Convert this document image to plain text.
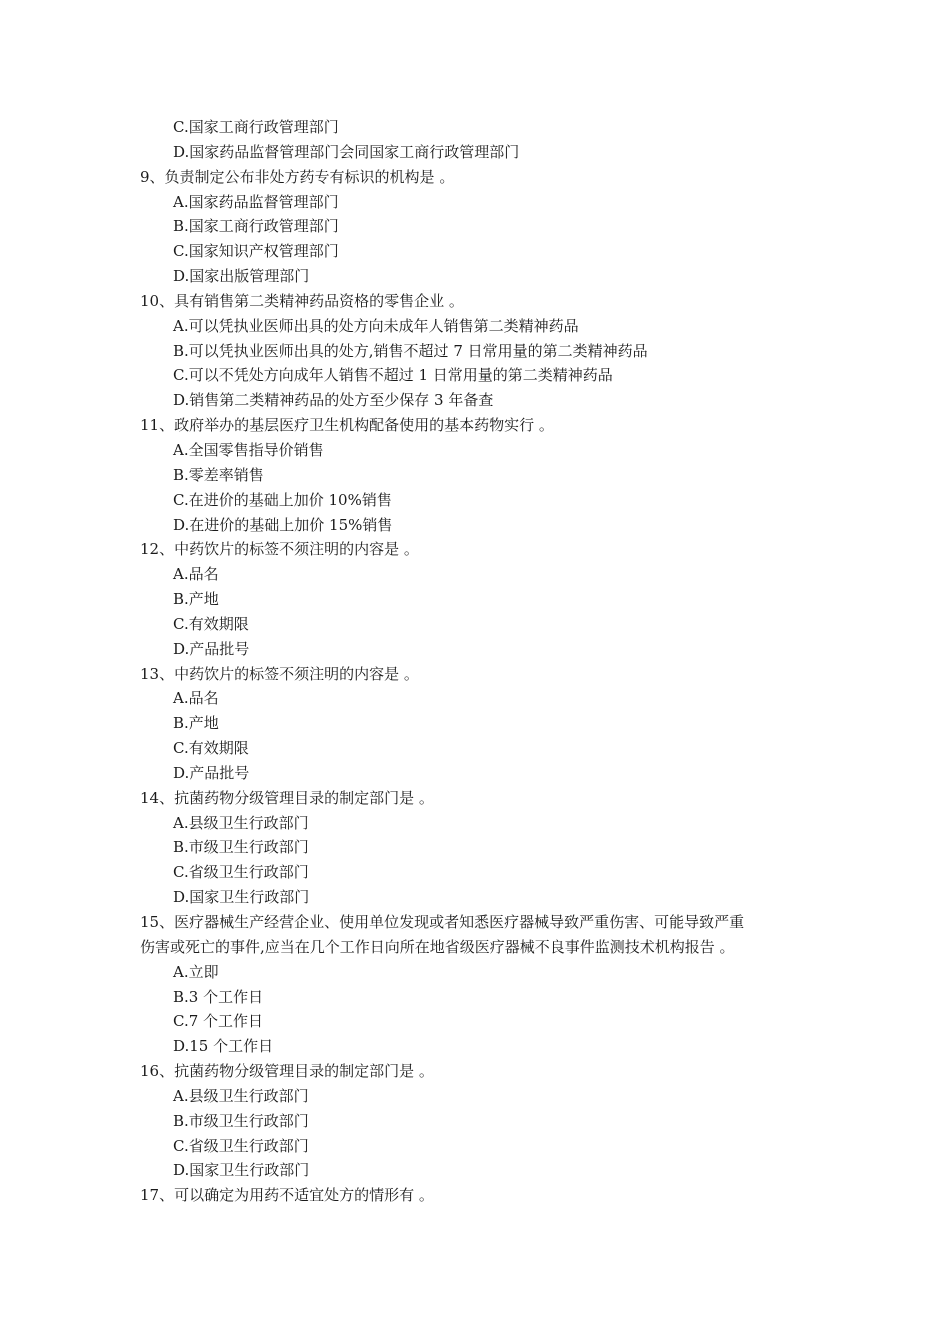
C.国家工商行政管理部门
D.国家药品监督管理部门会同国家工商行政管理部门
9、负责制定公布非处方药专有标识的机构是 。
A.国家药品监督管理部门
B.国家工商行政管理部门
C.国家知识产权管理部门
D.国家出版管理部门
10、具有销售第二类精神药品资格的零售企业 。
A.可以凭执业医师出具的处方向未成年人销售第二类精神药品
B.可以凭执业医师出具的处方,销售不超过 7 日常用量的第二类精神药品
C.可以不凭处方向成年人销售不超过 1 日常用量的第二类精神药品
D.销售第二类精神药品的处方至少保存 3 年备查
11、政府举办的基层医疗卫生机构配备使用的基本药物实行 。
A.全国零售指导价销售
B.零差率销售
C.在进价的基础上加价 10%销售
D.在进价的基础上加价 15%销售
12、中药饮片的标签不须注明的内容是 。
A.品名
B.产地
C.有效期限
D.产品批号
13、中药饮片的标签不须注明的内容是 。
A.品名
B.产地
C.有效期限
D.产品批号
14、抗菌药物分级管理目录的制定部门是 。
A.县级卫生行政部门
B.市级卫生行政部门
C.省级卫生行政部门
D.国家卫生行政部门
15、医疗器械生产经营企业、使用单位发现或者知悉医疗器械导致严重伤害、可能导致严重
伤害或死亡的事件,应当在几个工作日向所在地省级医疗器械不良事件监测技术机构报告 。
A.立即
B.3 个工作日
C.7 个工作日
D.15 个工作日
16、抗菌药物分级管理目录的制定部门是 。
A.县级卫生行政部门
B.市级卫生行政部门
C.省级卫生行政部门
D.国家卫生行政部门
17、可以确定为用药不适宜处方的情形有 。
